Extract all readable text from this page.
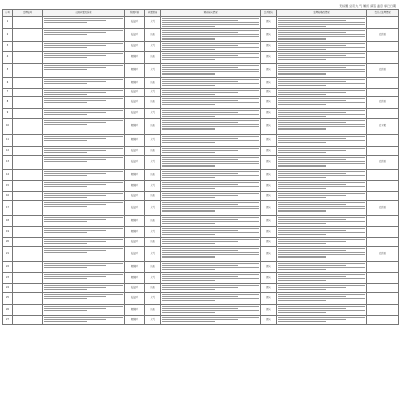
无标题 总页九 气 履历 请签 盖章 承已日期
序号	受理编号	反映问题及诉求	所属区县	问题领域	调查核实情况	是否属实	处理和整改情况	责任人处理情况
1			海淀区	大气		属实	

2			海淀区	其他		属实		已约谈
3			海淀区	大气		属实	

4			朝阳区	其他		属实	

5			朝阳区	大气		属实		已约谈
6			朝阳区	其他		属实	

7			海淀区	大气		属实	

8			海淀区	其他		属实		已约谈
9			海淀区	大气		属实	

10			朝阳区	其他		属实		已立案
11			朝阳区	大气		属实	

12			海淀区	其他		属实	

13			海淀区	大气		属实		已约谈
14			朝阳区	其他		属实	

15			朝阳区	大气		属实	

16			海淀区	其他		属实	

17			海淀区	大气		属实		已约谈
18			朝阳区	其他		属实	

19			朝阳区	大气		属实	

20			海淀区	其他		属实	

21			海淀区	大气		属实		已约谈
22			朝阳区	其他		属实	

23			朝阳区	大气		属实	

24			海淀区	其他		属实	

25			海淀区	大气		属实	

26			朝阳区	其他		属实	

27			朝阳区	大气		属实	
